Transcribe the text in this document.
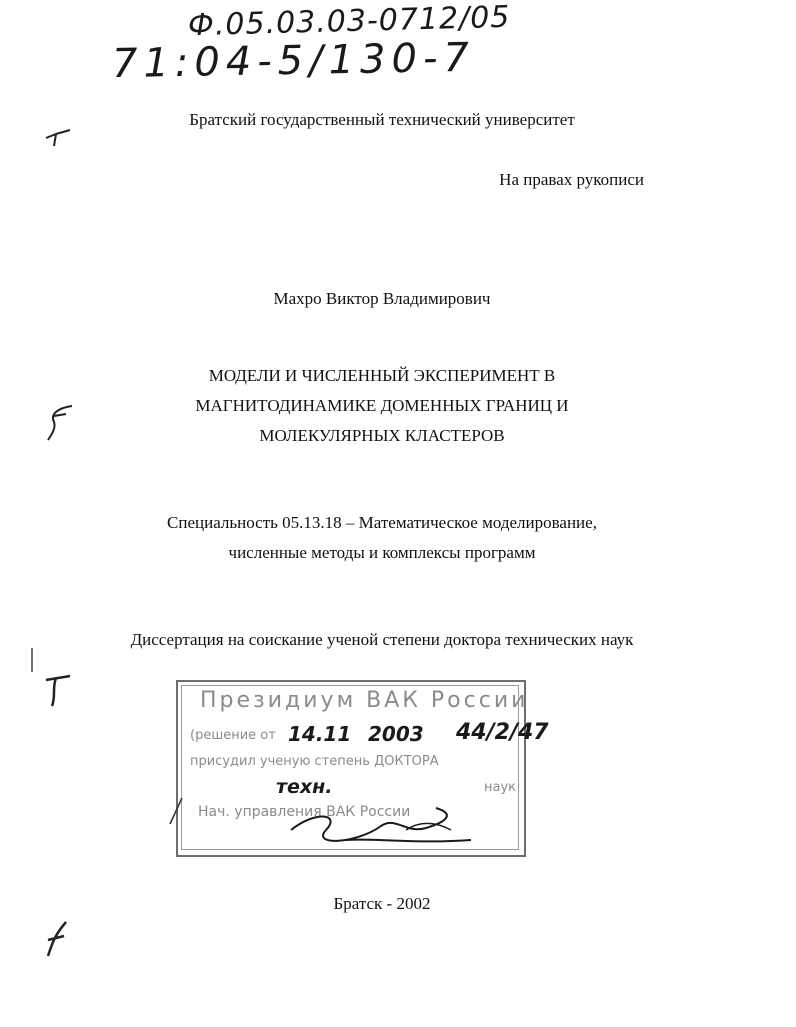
Ф.05.03.03-0712/05
71:04-5/130-7
Братский государственный технический университет
На правах рукописи
Махро Виктор Владимирович
МОДЕЛИ И ЧИСЛЕННЫЙ ЭКСПЕРИМЕНТ В
МАГНИТОДИНАМИКЕ ДОМЕННЫХ ГРАНИЦ И
МОЛЕКУЛЯРНЫХ КЛАСТЕРОВ
Специальность 05.13.18 – Математическое моделирование,
численные методы и комплексы программ
Диссертация на соискание ученой степени доктора технических наук
Президиум ВАК России
(решение от
присудил ученую степень ДОКТОРА
наук
Нач. управления ВАК России
14.11 2003 44/2/47
техн.
Братск - 2002
